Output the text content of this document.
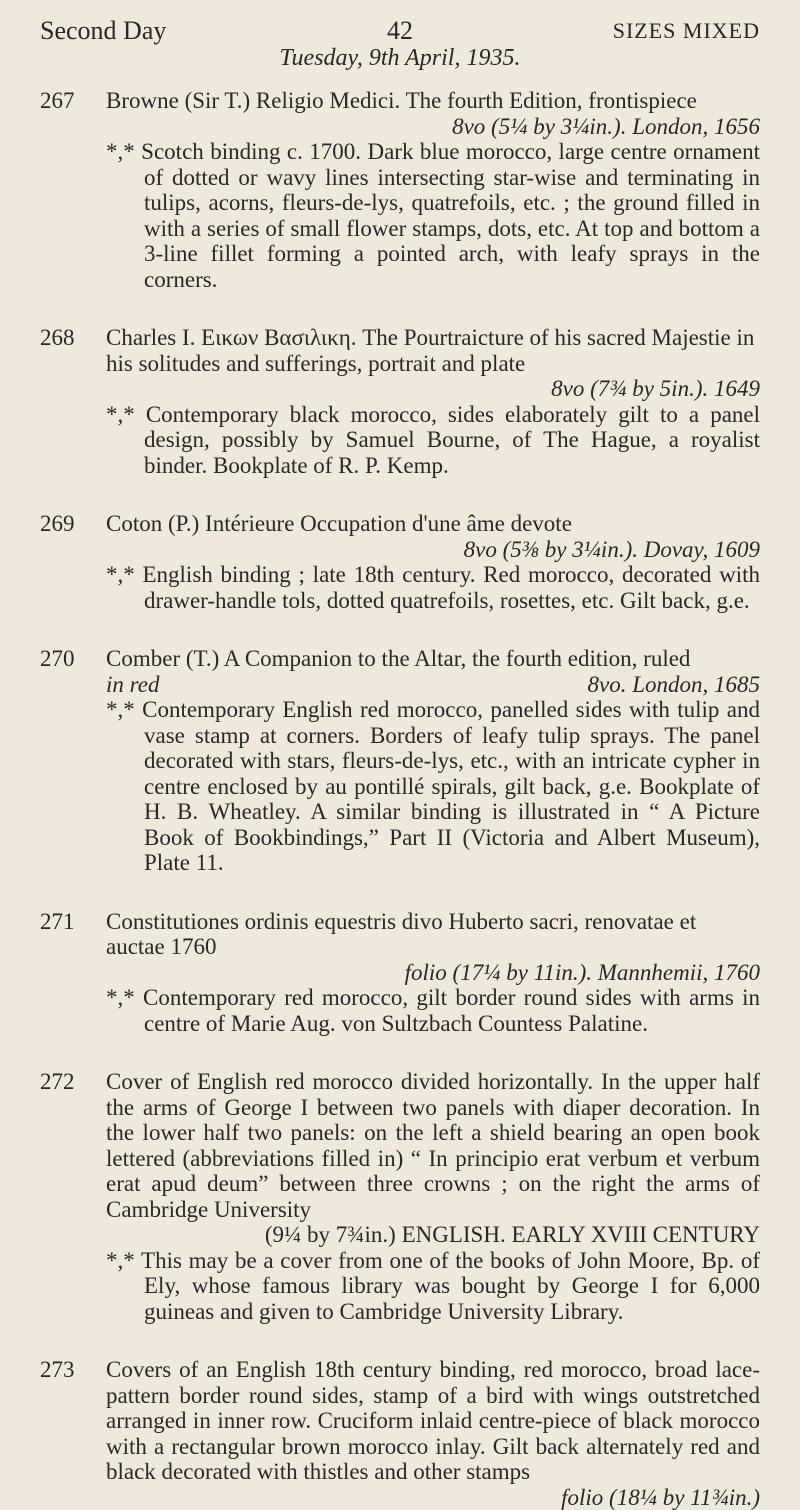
Second Day	42	SIZES MIXED
Tuesday, 9th April, 1935.
267 Browne (Sir T.) Religio Medici. The fourth Edition, frontispiece
8vo (5¼ by 3¼in.). London, 1656
*,* Scotch binding c. 1700. Dark blue morocco, large centre ornament of dotted or wavy lines intersecting star-wise and terminating in tulips, acorns, fleurs-de-lys, quatrefoils, etc. ; the ground filled in with a series of small flower stamps, dots, etc. At top and bottom a 3-line fillet forming a pointed arch, with leafy sprays in the corners.
268 Charles I. Εικων Βασιλικη. The Pourtraicture of his sacred Majestie in his solitudes and sufferings, portrait and plate
8vo (7¾ by 5in.). 1649
*,* Contemporary black morocco, sides elaborately gilt to a panel design, possibly by Samuel Bourne, of The Hague, a royalist binder. Bookplate of R. P. Kemp.
269 Coton (P.) Intérieure Occupation d'une âme devote
8vo (5⅜ by 3¼in.). Dovay, 1609
*,* English binding ; late 18th century. Red morocco, decorated with drawer-handle tols, dotted quatrefoils, rosettes, etc. Gilt back, g.e.
270 Comber (T.) A Companion to the Altar, the fourth edition, ruled
in red	8vo. London, 1685
*,* Contemporary English red morocco, panelled sides with tulip and vase stamp at corners. Borders of leafy tulip sprays. The panel decorated with stars, fleurs-de-lys, etc., with an intricate cypher in centre enclosed by au pontillé spirals, gilt back, g.e. Bookplate of H. B. Wheatley. A similar binding is illustrated in “ A Picture Book of Bookbindings,” Part II (Victoria and Albert Museum), Plate 11.
271 Constitutiones ordinis equestris divo Huberto sacri, renovatae et auctae 1760
folio (17¼ by 11in.). Mannhemii, 1760
*,* Contemporary red morocco, gilt border round sides with arms in centre of Marie Aug. von Sultzbach Countess Palatine.
272 Cover of English red morocco divided horizontally. In the upper half the arms of George I between two panels with diaper decoration. In the lower half two panels: on the left a shield bearing an open book lettered (abbreviations filled in) “ In principio erat verbum et verbum erat apud deum” between three crowns ; on the right the arms of Cambridge University
(9¼ by 7¾in.) ENGLISH. EARLY XVIII CENTURY
*,* This may be a cover from one of the books of John Moore, Bp. of Ely, whose famous library was bought by George I for 6,000 guineas and given to Cambridge University Library.
273 Covers of an English 18th century binding, red morocco, broad lace-pattern border round sides, stamp of a bird with wings outstretched arranged in inner row. Cruciform inlaid centre-piece of black morocco with a rectangular brown morocco inlay. Gilt back alternately red and black decorated with thistles and other stamps
folio (18¼ by 11¾in.)
